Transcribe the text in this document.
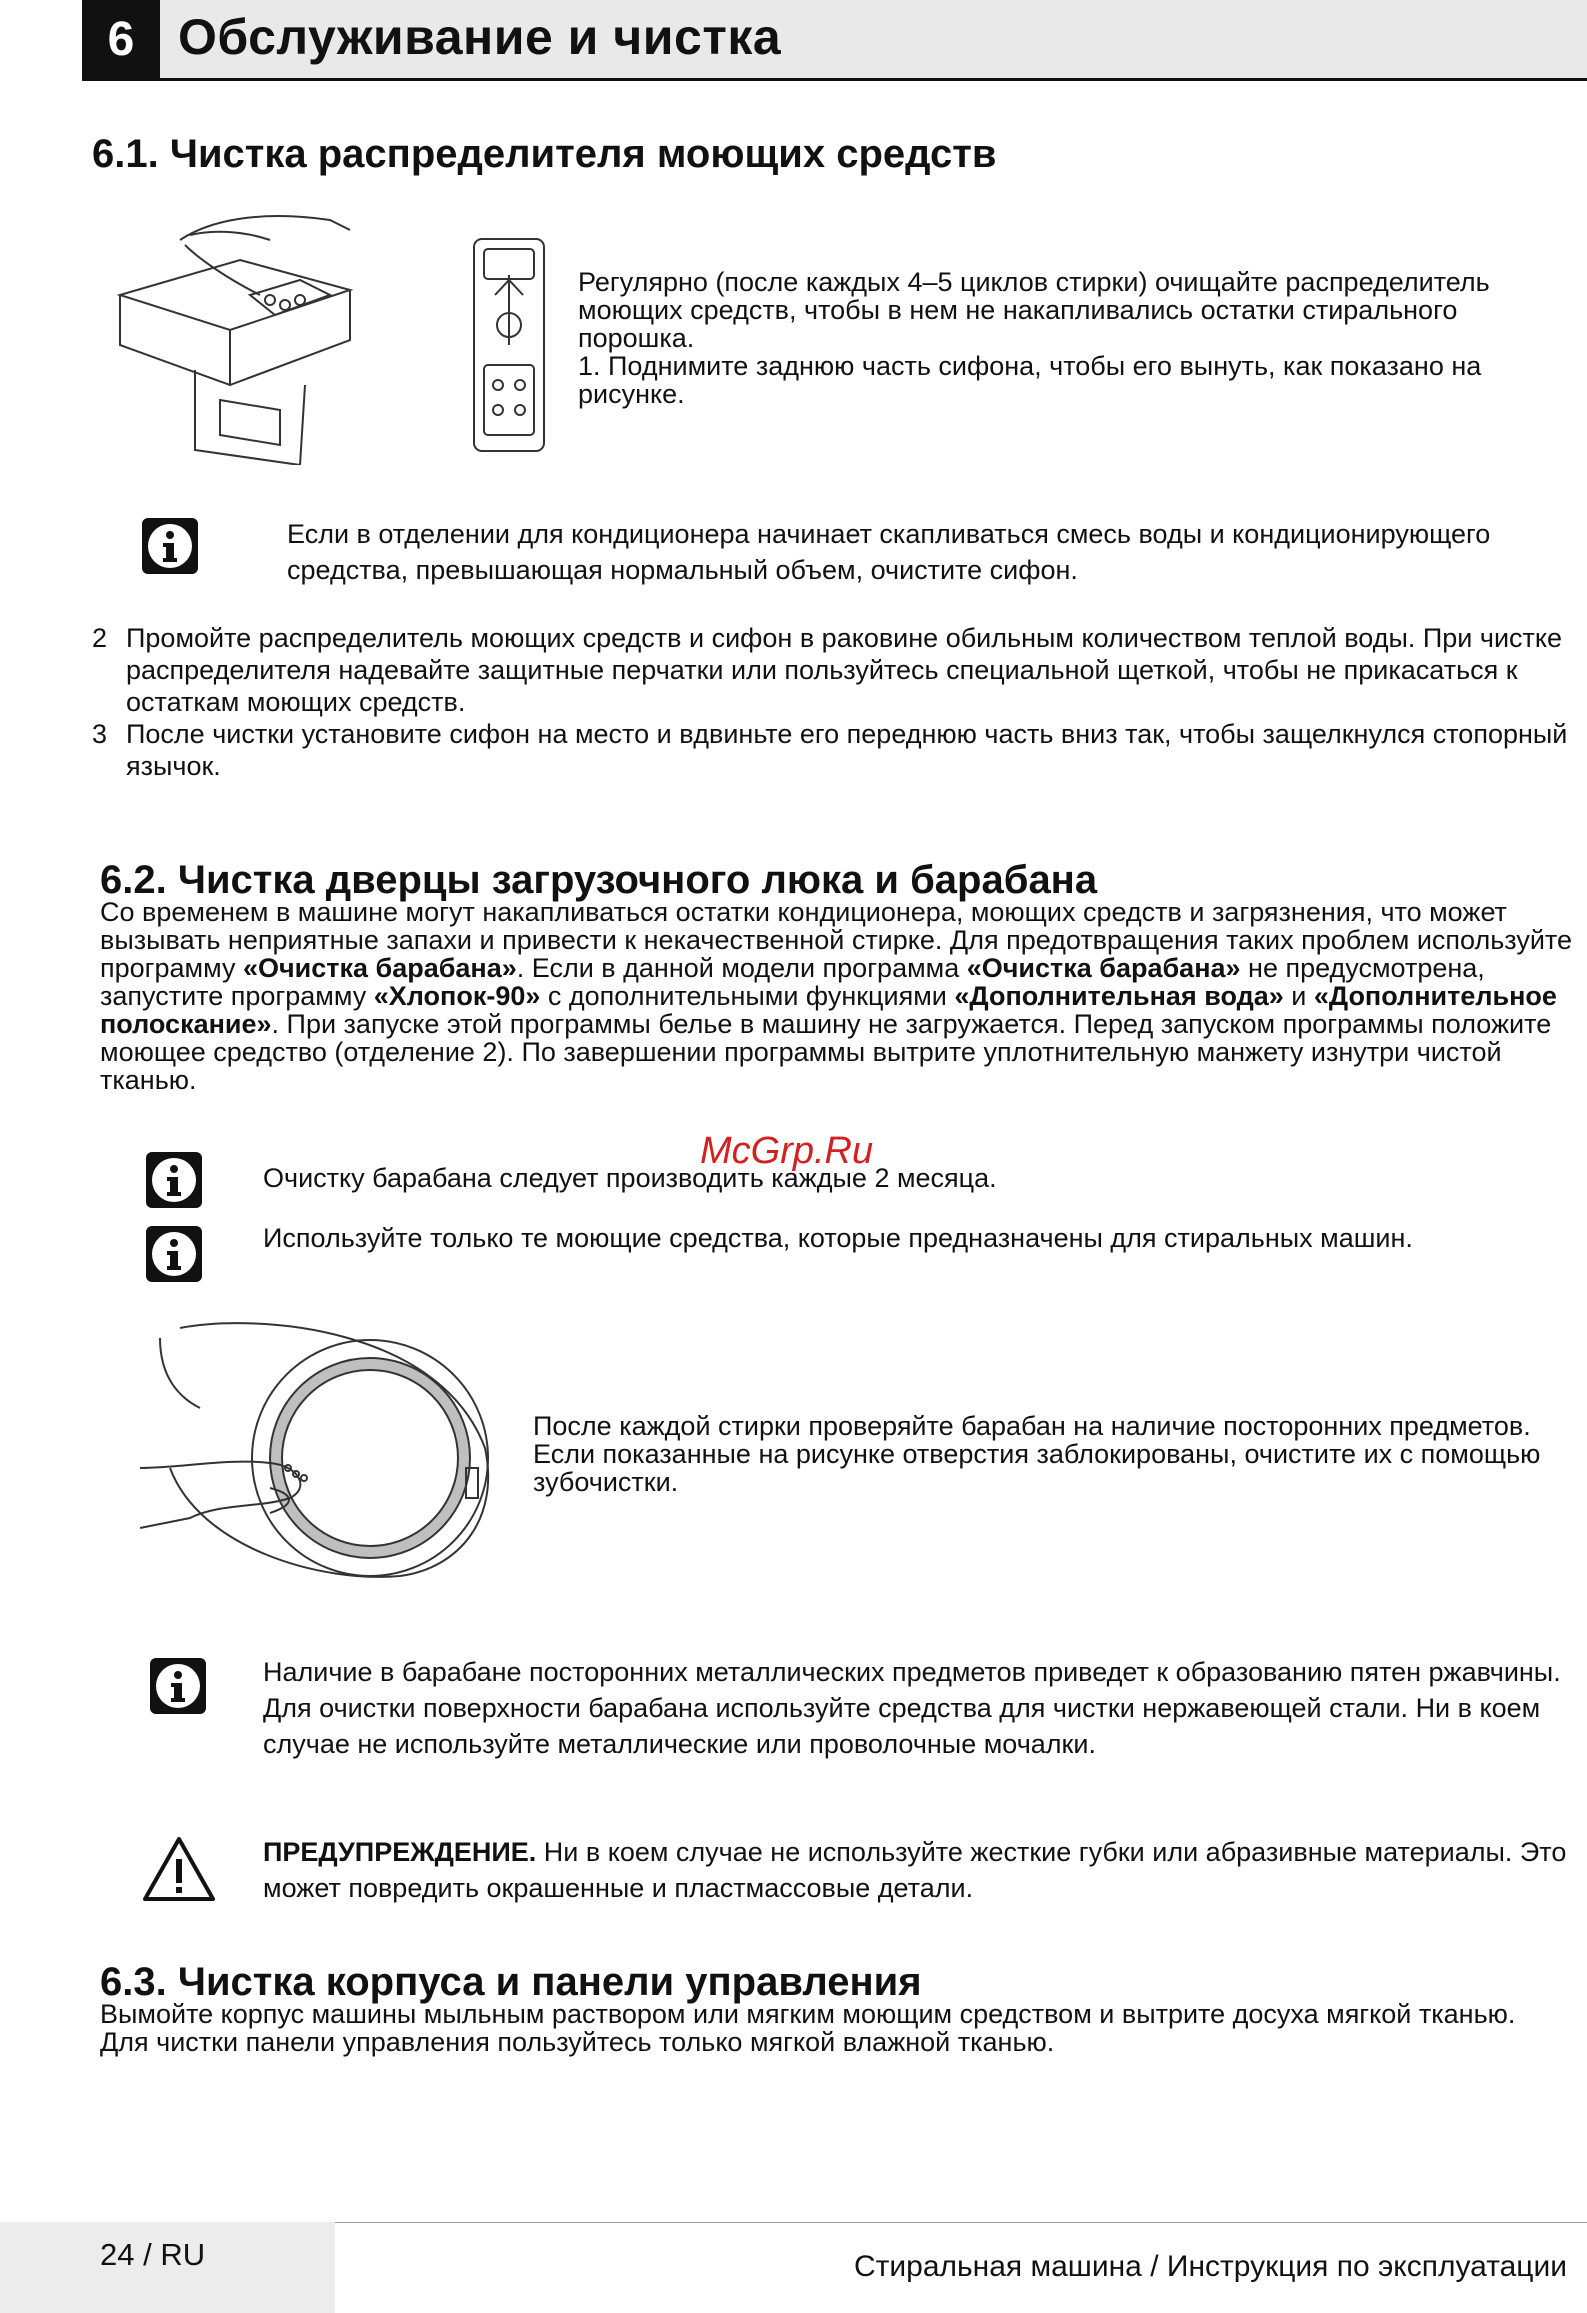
6 Обслуживание и чистка
6.1. Чистка распределителя моющих средств
Регулярно (после каждых 4–5 циклов стирки) очищайте распределитель моющих средств, чтобы в нем не накапливались остатки стирального порошка.
1. Поднимите заднюю часть сифона, чтобы его вынуть, как показано на рисунке.
Если в отделении для кондиционера начинает скапливаться смесь воды и кондиционирующего средства, превышающая нормальный объем, очистите сифон.
2 Промойте распределитель моющих средств и сифон в раковине обильным количеством теплой воды. При чистке распределителя надевайте защитные перчатки или пользуйтесь специальной щеткой, чтобы не прикасаться к остаткам моющих средств.
3 После чистки установите сифон на место и вдвиньте его переднюю часть вниз так, чтобы защелкнулся стопорный язычок.
6.2. Чистка дверцы загрузочного люка и барабана
Со временем в машине могут накапливаться остатки кондиционера, моющих средств и загрязнения, что может вызывать неприятные запахи и привести к некачественной стирке. Для предотвращения таких проблем используйте программу «Очистка барабана». Если в данной модели программа «Очистка барабана» не предусмотрена, запустите программу «Хлопок-90» с дополнительными функциями «Дополнительная вода» и «Дополнительное полоскание». При запуске этой программы белье в машину не загружается. Перед запуском программы положите моющее средство (отделение 2). По завершении программы вытрите уплотнительную манжету изнутри чистой тканью.
McGrp.Ru
Очистку барабана следует производить каждые 2 месяца.
Используйте только те моющие средства, которые предназначены для стиральных машин.
После каждой стирки проверяйте барабан на наличие посторонних предметов.
Если показанные на рисунке отверстия заблокированы, очистите их с помощью зубочистки.
Наличие в барабане посторонних металлических предметов приведет к образованию пятен ржавчины. Для очистки поверхности барабана используйте средства для чистки нержавеющей стали. Ни в коем случае не используйте металлические или проволочные мочалки.
ПРЕДУПРЕЖДЕНИЕ. Ни в коем случае не используйте жесткие губки или абразивные материалы. Это может повредить окрашенные и пластмассовые детали.
6.3. Чистка корпуса и панели управления
Вымойте корпус машины мыльным раствором или мягким моющим средством и вытрите досуха мягкой тканью.
Для чистки панели управления пользуйтесь только мягкой влажной тканью.
24 / RU	Стиральная машина / Инструкция по эксплуатации
